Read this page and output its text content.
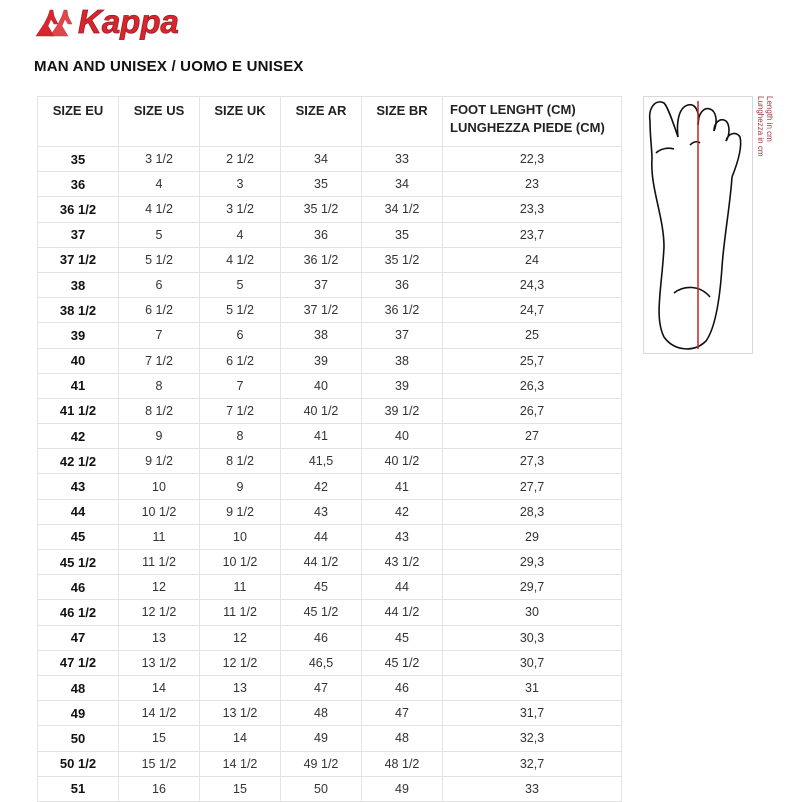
Kappa
MAN AND UNISEX / UOMO E UNISEX
SIZE EU	SIZE US	SIZE UK	SIZE AR	SIZE BR	FOOT LENGHT (CM)
LUNGHEZZA PIEDE (CM)

35	3 1/2	2 1/2	34	33	22,3
36	4	3	35	34	23
36 1/2	4 1/2	3 1/2	35 1/2	34 1/2	23,3
37	5	4	36	35	23,7
37 1/2	5 1/2	4 1/2	36 1/2	35 1/2	24
38	6	5	37	36	24,3
38 1/2	6 1/2	5 1/2	37 1/2	36 1/2	24,7
39	7	6	38	37	25
40	7 1/2	6 1/2	39	38	25,7
41	8	7	40	39	26,3
41 1/2	8 1/2	7 1/2	40 1/2	39 1/2	26,7
42	9	8	41	40	27
42 1/2	9 1/2	8 1/2	41,5	40 1/2	27,3
43	10	9	42	41	27,7
44	10 1/2	9 1/2	43	42	28,3
45	11	10	44	43	29
45 1/2	11 1/2	10 1/2	44 1/2	43 1/2	29,3
46	12	11	45	44	29,7
46 1/2	12 1/2	11 1/2	45 1/2	44 1/2	30
47	13	12	46	45	30,3
47 1/2	13 1/2	12 1/2	46,5	45 1/2	30,7
48	14	13	47	46	31
49	14 1/2	13 1/2	48	47	31,7
50	15	14	49	48	32,3
50 1/2	15 1/2	14 1/2	49 1/2	48 1/2	32,7
51	16	15	50	49	33
Length in cm
Lunghezza in cm
